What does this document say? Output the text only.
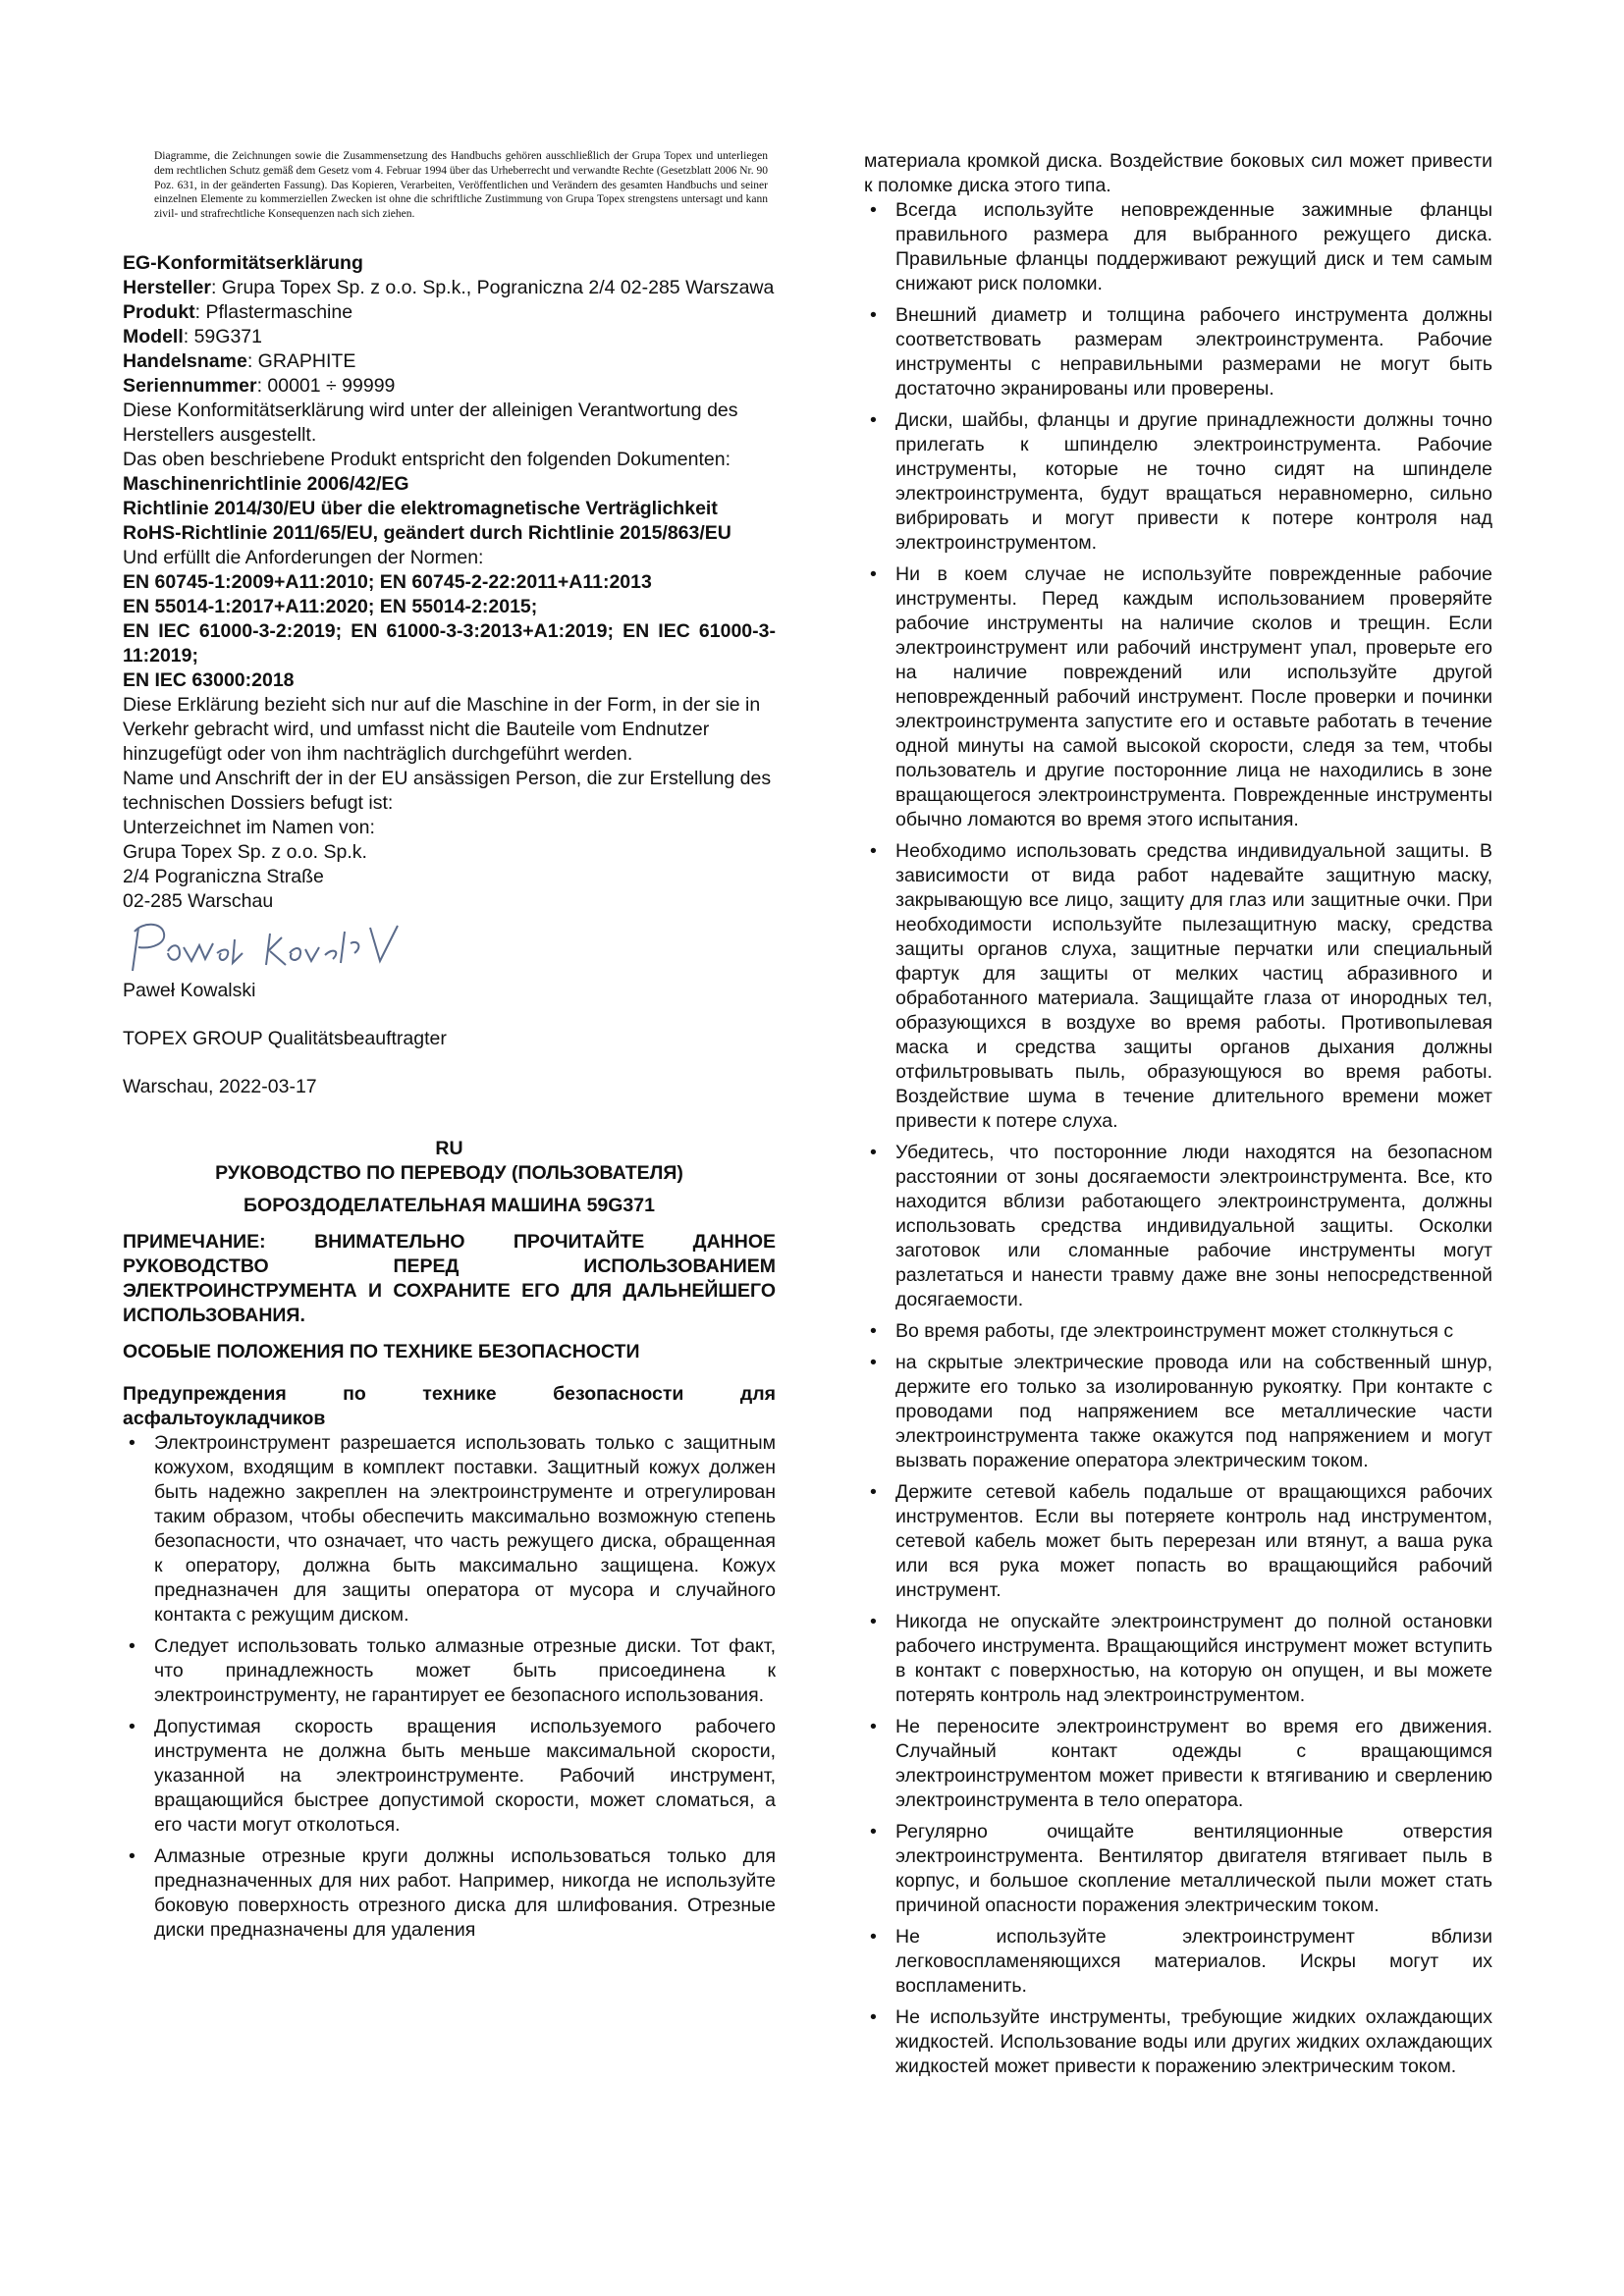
Diagramme, die Zeichnungen sowie die Zusammensetzung des Handbuchs gehören ausschließlich der Grupa Topex und unterliegen dem rechtlichen Schutz gemäß dem Gesetz vom 4. Februar 1994 über das Urheberrecht und verwandte Rechte (Gesetzblatt 2006 Nr. 90 Poz. 631, in der geänderten Fassung). Das Kopieren, Verarbeiten, Veröffentlichen und Verändern des gesamten Handbuchs und seiner einzelnen Elemente zu kommerziellen Zwecken ist ohne die schriftliche Zustimmung von Grupa Topex strengstens untersagt und kann zivil- und strafrechtliche Konsequenzen nach sich ziehen.

EG-Konformitätserklärung

Hersteller: Grupa Topex Sp. z o.o. Sp.k., Pograniczna 2/4 02-285 Warszawa

Produkt: Pflastermaschine

Modell: 59G371

Handelsname: GRAPHITE

Seriennummer: 00001 ÷ 99999

Diese Konformitätserklärung wird unter der alleinigen Verantwortung des Herstellers ausgestellt.

Das oben beschriebene Produkt entspricht den folgenden Dokumenten:

Maschinenrichtlinie 2006/42/EG

Richtlinie 2014/30/EU über die elektromagnetische Verträglichkeit

RoHS-Richtlinie 2011/65/EU, geändert durch Richtlinie 2015/863/EU

Und erfüllt die Anforderungen der Normen:

EN 60745-1:2009+A11:2010; EN 60745-2-22:2011+A11:2013

EN 55014-1:2017+A11:2020; EN 55014-2:2015;

EN IEC 61000-3-2:2019; EN 61000-3-3:2013+A1:2019; EN IEC 61000-3-11:2019;

EN IEC 63000:2018

Diese Erklärung bezieht sich nur auf die Maschine in der Form, in der sie in Verkehr gebracht wird, und umfasst nicht die Bauteile vom Endnutzer hinzugefügt oder von ihm nachträglich durchgeführt werden.

Name und Anschrift der in der EU ansässigen Person, die zur Erstellung des technischen Dossiers befugt ist:

Unterzeichnet im Namen von:

Grupa Topex Sp. z o.o. Sp.k.

2/4 Pograniczna Straße

02-285 Warschau

Paweł Kowalski

TOPEX GROUP Qualitätsbeauftragter

Warschau, 2022-03-17

RU

РУКОВОДСТВО ПО ПЕРЕВОДУ (ПОЛЬЗОВАТЕЛЯ)

БОРОЗДОДЕЛАТЕЛЬНАЯ МАШИНА 59G371

ПРИМЕЧАНИЕ: ВНИМАТЕЛЬНО ПРОЧИТАЙТЕ ДАННОЕ РУКОВОДСТВО ПЕРЕД ИСПОЛЬЗОВАНИЕМ ЭЛЕКТРОИНСТРУМЕНТА И СОХРАНИТЕ ЕГО ДЛЯ ДАЛЬНЕЙШЕГО ИСПОЛЬЗОВАНИЯ.

ОСОБЫЕ ПОЛОЖЕНИЯ ПО ТЕХНИКЕ БЕЗОПАСНОСТИ

Предупреждения по технике безопасности для асфальтоукладчиков

• Электроинструмент разрешается использовать только с защитным кожухом, входящим в комплект поставки. Защитный кожух должен быть надежно закреплен на электроинструменте и отрегулирован таким образом, чтобы обеспечить максимально возможную степень безопасности, что означает, что часть режущего диска, обращенная к оператору, должна быть максимально защищена. Кожух предназначен для защиты оператора от мусора и случайного контакта с режущим диском.
• Следует использовать только алмазные отрезные диски. Тот факт, что принадлежность может быть присоединена к электроинструменту, не гарантирует ее безопасного использования.
• Допустимая скорость вращения используемого рабочего инструмента не должна быть меньше максимальной скорости, указанной на электроинструменте. Рабочий инструмент, вращающийся быстрее допустимой скорости, может сломаться, а его части могут отколоться.
• Алмазные отрезные круги должны использоваться только для предназначенных для них работ. Например, никогда не используйте боковую поверхность отрезного диска для шлифования. Отрезные диски предназначены для удаления

материала кромкой диска. Воздействие боковых сил может привести к поломке диска этого типа.

• Всегда используйте неповрежденные зажимные фланцы правильного размера для выбранного режущего диска. Правильные фланцы поддерживают режущий диск и тем самым снижают риск поломки.
• Внешний диаметр и толщина рабочего инструмента должны соответствовать размерам электроинструмента. Рабочие инструменты с неправильными размерами не могут быть достаточно экранированы или проверены.
• Диски, шайбы, фланцы и другие принадлежности должны точно прилегать к шпинделю электроинструмента. Рабочие инструменты, которые не точно сидят на шпинделе электроинструмента, будут вращаться неравномерно, сильно вибрировать и могут привести к потере контроля над электроинструментом.
• Ни в коем случае не используйте поврежденные рабочие инструменты. Перед каждым использованием проверяйте рабочие инструменты на наличие сколов и трещин. Если электроинструмент или рабочий инструмент упал, проверьте его на наличие повреждений или используйте другой неповрежденный рабочий инструмент. После проверки и починки электроинструмента запустите его и оставьте работать в течение одной минуты на самой высокой скорости, следя за тем, чтобы пользователь и другие посторонние лица не находились в зоне вращающегося электроинструмента. Поврежденные инструменты обычно ломаются во время этого испытания.
• Необходимо использовать средства индивидуальной защиты. В зависимости от вида работ надевайте защитную маску, закрывающую все лицо, защиту для глаз или защитные очки. При необходимости используйте пылезащитную маску, средства защиты органов слуха, защитные перчатки или специальный фартук для защиты от мелких частиц абразивного и обработанного материала. Защищайте глаза от инородных тел, образующихся в воздухе во время работы. Противопылевая маска и средства защиты органов дыхания должны отфильтровывать пыль, образующуюся во время работы. Воздействие шума в течение длительного времени может привести к потере слуха.
• Убедитесь, что посторонние люди находятся на безопасном расстоянии от зоны досягаемости электроинструмента. Все, кто находится вблизи работающего электроинструмента, должны использовать средства индивидуальной защиты. Осколки заготовок или сломанные рабочие инструменты могут разлетаться и нанести травму даже вне зоны непосредственной досягаемости.
• Во время работы, где электроинструмент может столкнуться с
• на скрытые электрические провода или на собственный шнур, держите его только за изолированную рукоятку. При контакте с проводами под напряжением все металлические части электроинструмента также окажутся под напряжением и могут вызвать поражение оператора электрическим током.
• Держите сетевой кабель подальше от вращающихся рабочих инструментов. Если вы потеряете контроль над инструментом, сетевой кабель может быть перерезан или втянут, а ваша рука или вся рука может попасть во вращающийся рабочий инструмент.
• Никогда не опускайте электроинструмент до полной остановки рабочего инструмента. Вращающийся инструмент может вступить в контакт с поверхностью, на которую он опущен, и вы можете потерять контроль над электроинструментом.
• Не переносите электроинструмент во время его движения. Случайный контакт одежды с вращающимся электроинструментом может привести к втягиванию и сверлению электроинструмента в тело оператора.
• Регулярно очищайте вентиляционные отверстия электроинструмента. Вентилятор двигателя втягивает пыль в корпус, и большое скопление металлической пыли может стать причиной опасности поражения электрическим током.
• Не используйте электроинструмент вблизи легковоспламеняющихся материалов. Искры могут их воспламенить.
• Не используйте инструменты, требующие жидких охлаждающих жидкостей. Использование воды или других жидких охлаждающих жидкостей может привести к поражению электрическим током.
